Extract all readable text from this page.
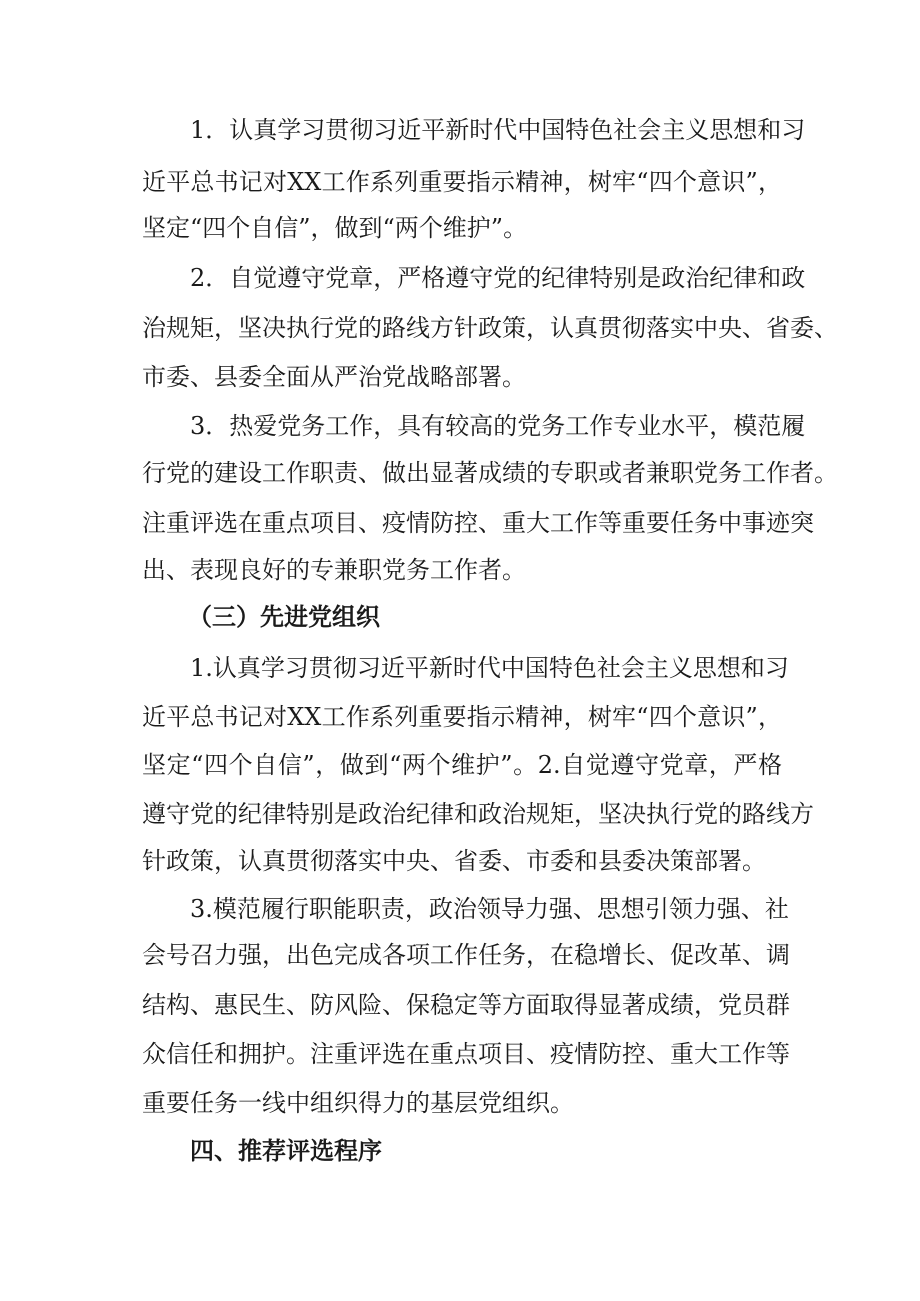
1．认真学习贯彻习近平新时代中国特色社会主义思想和习
近平总书记对XX工作系列重要指示精神，树牢“四个意识”，
坚定“四个自信”，做到“两个维护”。
2．自觉遵守党章，严格遵守党的纪律特别是政治纪律和政
治规矩，坚决执行党的路线方针政策，认真贯彻落实中央、省委、
市委、县委全面从严治党战略部署。
3．热爱党务工作，具有较高的党务工作专业水平，模范履
行党的建设工作职责、做出显著成绩的专职或者兼职党务工作者。
注重评选在重点项目、疫情防控、重大工作等重要任务中事迹突
出、表现良好的专兼职党务工作者。
（三）先进党组织
1.认真学习贯彻习近平新时代中国特色社会主义思想和习
近平总书记对XX工作系列重要指示精神，树牢“四个意识”，
坚定“四个自信”，做到“两个维护”。2.自觉遵守党章，严格
遵守党的纪律特别是政治纪律和政治规矩，坚决执行党的路线方
针政策，认真贯彻落实中央、省委、市委和县委决策部署。
3.模范履行职能职责，政治领导力强、思想引领力强、社
会号召力强，出色完成各项工作任务，在稳增长、促改革、调
结构、惠民生、防风险、保稳定等方面取得显著成绩，党员群
众信任和拥护。注重评选在重点项目、疫情防控、重大工作等
重要任务一线中组织得力的基层党组织。
四、推荐评选程序
